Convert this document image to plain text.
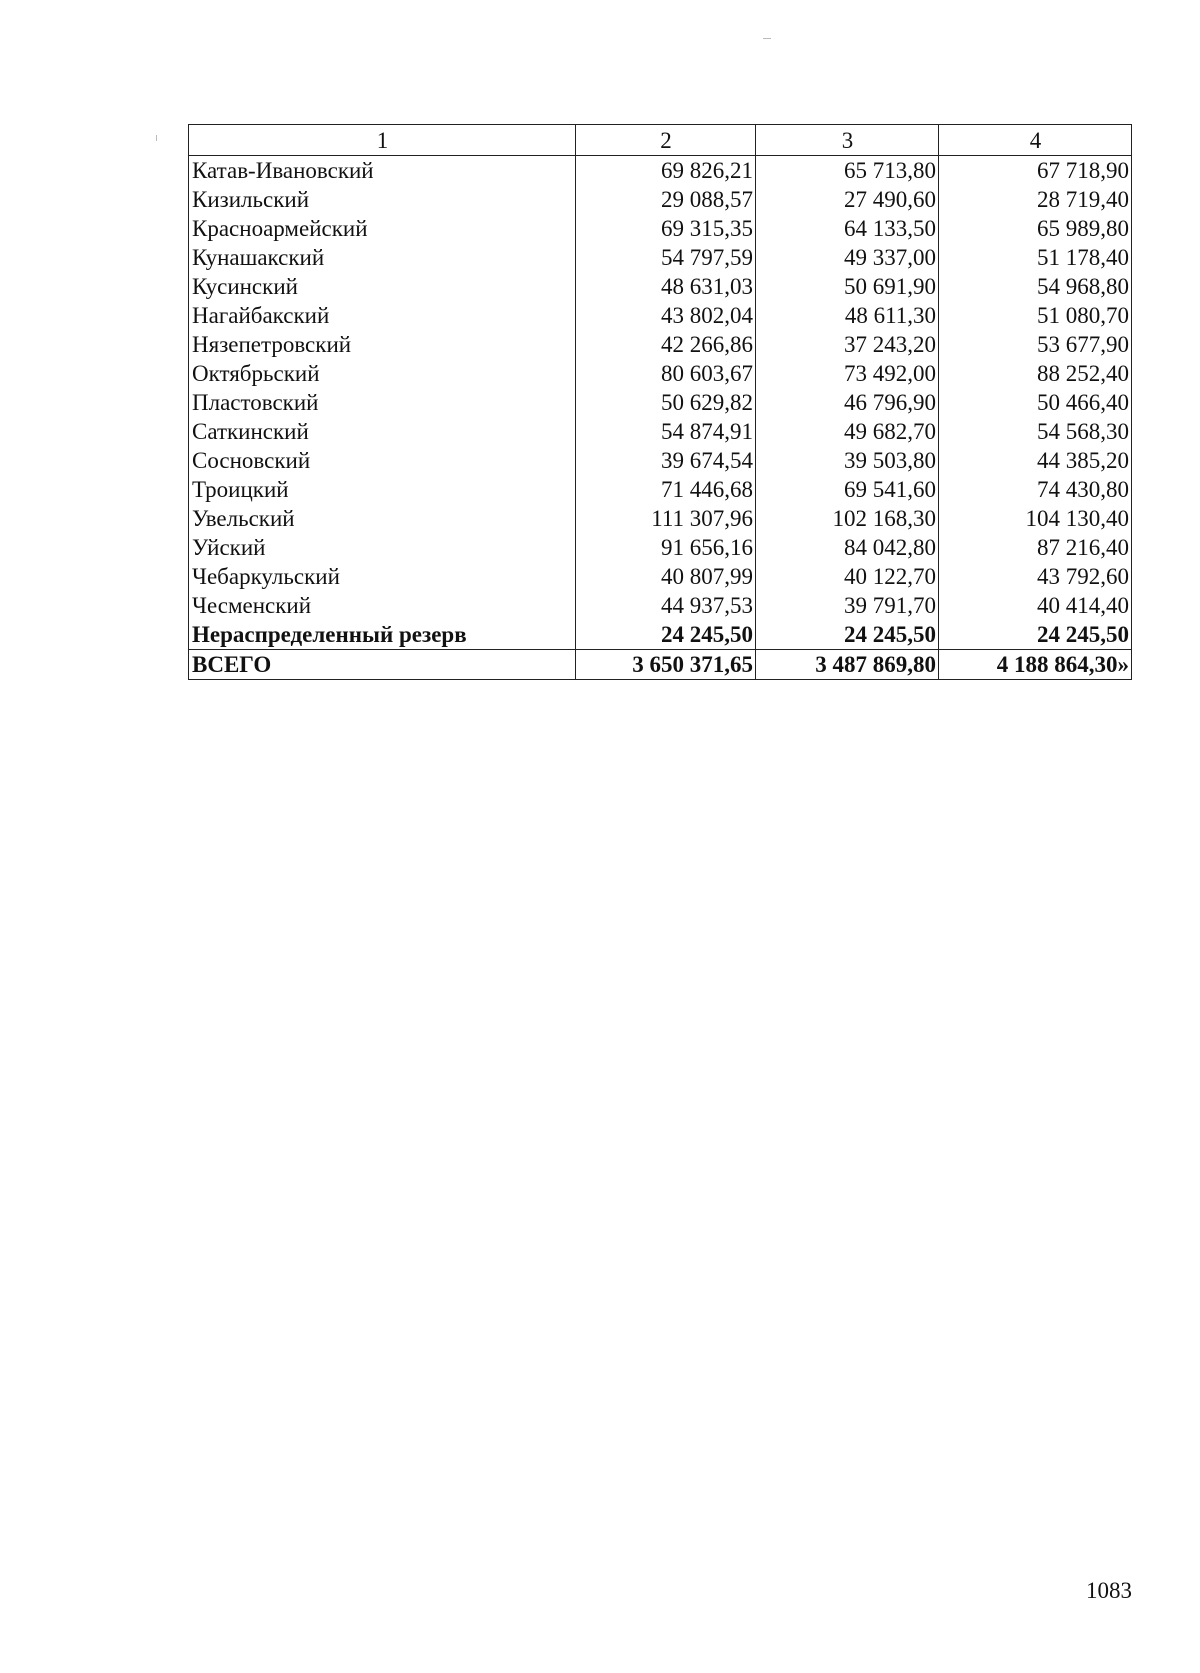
1	2	3	4
Катав-Ивановский	69 826,21	65 713,80	67 718,90
Кизильский	29 088,57	27 490,60	28 719,40
Красноармейский	69 315,35	64 133,50	65 989,80
Кунашакский	54 797,59	49 337,00	51 178,40
Кусинский	48 631,03	50 691,90	54 968,80
Нагайбакский	43 802,04	48 611,30	51 080,70
Нязепетровский	42 266,86	37 243,20	53 677,90
Октябрьский	80 603,67	73 492,00	88 252,40
Пластовский	50 629,82	46 796,90	50 466,40
Саткинский	54 874,91	49 682,70	54 568,30
Сосновский	39 674,54	39 503,80	44 385,20
Троицкий	71 446,68	69 541,60	74 430,80
Увельский	111 307,96	102 168,30	104 130,40
Уйский	91 656,16	84 042,80	87 216,40
Чебаркульский	40 807,99	40 122,70	43 792,60
Чесменский	44 937,53	39 791,70	40 414,40
Нераспределенный резерв	24 245,50	24 245,50	24 245,50
ВСЕГО	3 650 371,65	3 487 869,80	4 188 864,30»
1083
